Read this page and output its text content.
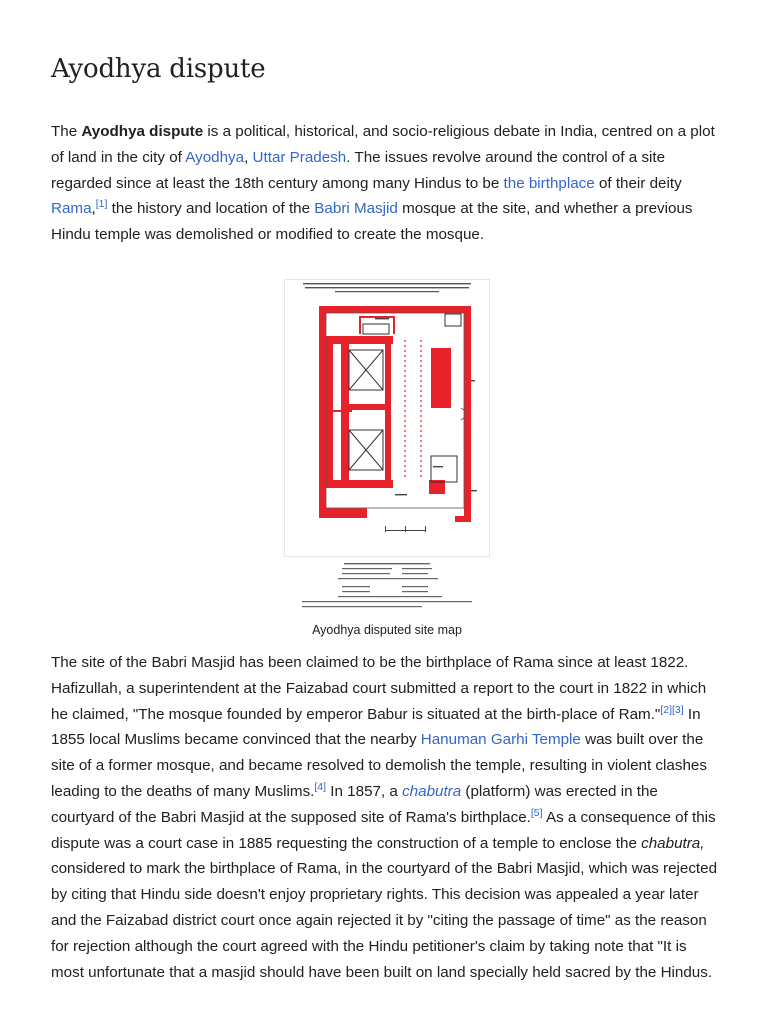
Ayodhya dispute

The Ayodhya dispute is a political, historical, and socio-religious debate in India, centred on a plot of land in the city of Ayodhya, Uttar Pradesh. The issues revolve around the control of a site regarded since at least the 18th century among many Hindus to be the birthplace of their deity Rama,[1] the history and location of the Babri Masjid mosque at the site, and whether a previous Hindu temple was demolished or modified to create the mosque.

Ayodhya disputed site map

The site of the Babri Masjid has been claimed to be the birthplace of Rama since at least 1822. Hafizullah, a superintendent at the Faizabad court submitted a report to the court in 1822 in which he claimed, "The mosque founded by emperor Babur is situated at the birth-place of Ram."[2][3] In 1855 local Muslims became convinced that the nearby Hanuman Garhi Temple was built over the site of a former mosque, and became resolved to demolish the temple, resulting in violent clashes leading to the deaths of many Muslims.[4] In 1857, a chabutra (platform) was erected in the courtyard of the Babri Masjid at the supposed site of Rama's birthplace.[5] As a consequence of this dispute was a court case in 1885 requesting the construction of a temple to enclose the chabutra, considered to mark the birthplace of Rama, in the courtyard of the Babri Masjid, which was rejected by citing that Hindu side doesn't enjoy proprietary rights. This decision was appealed a year later and the Faizabad district court once again rejected it by "citing the passage of time" as the reason for rejection although the court agreed with the Hindu petitioner's claim by taking note that "It is most unfortunate that a masjid should have been built on land specially held sacred by the Hindus.
